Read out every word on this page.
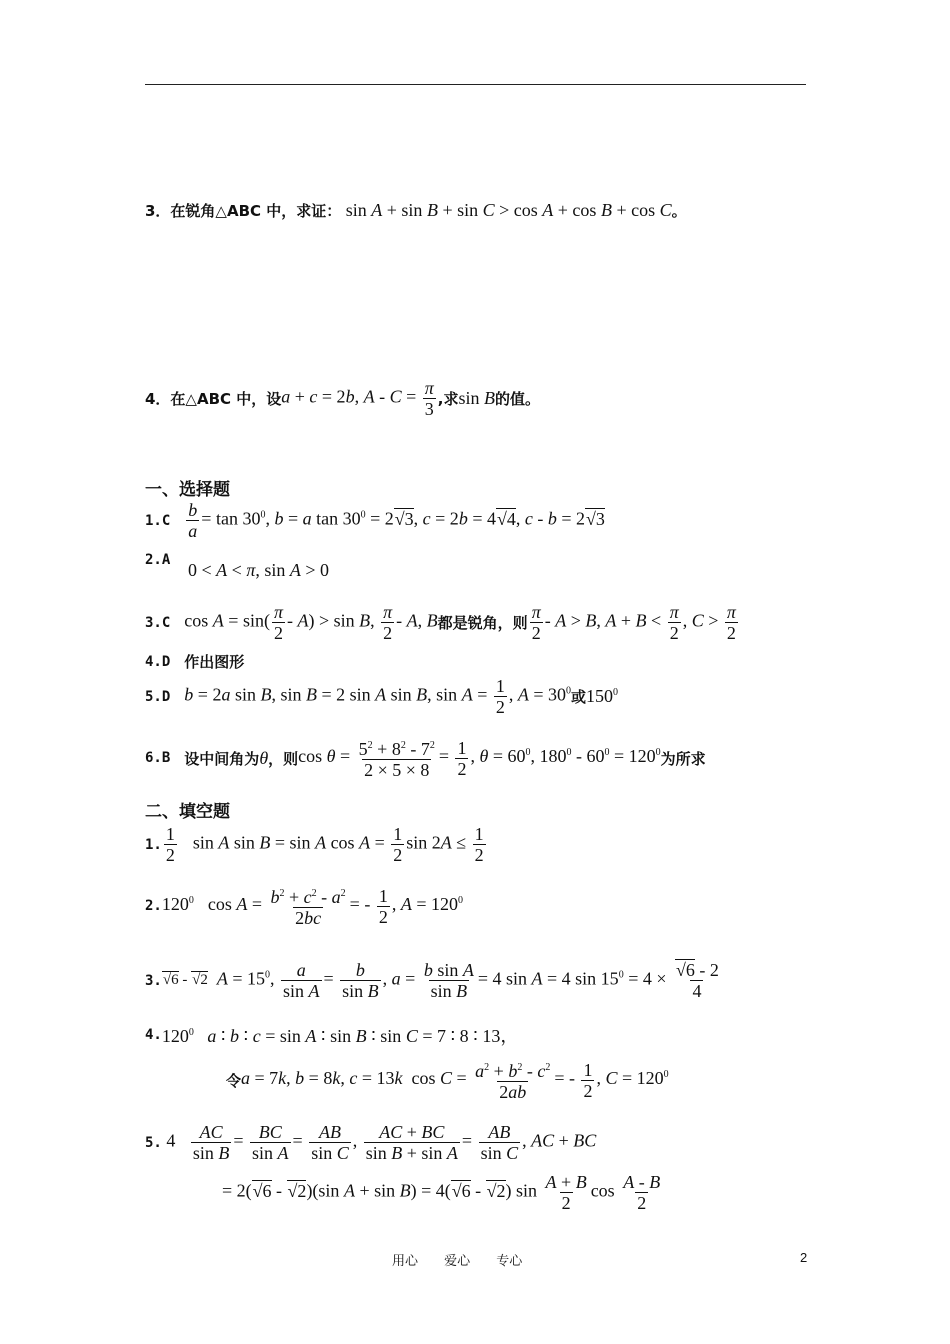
3．在锐角△ABC 中，求证： sin A + sin B + sin C > cos A + cos B + cos C 。
4．在△ABC 中，设 a + c = 2b, $A - C = \frac{\pi}{3}$ ,求 sin B 的值。
一、选择题
$1.C \frac{b}{a} = \tan 30^0$, b = a $\tan 30^0 = 2√3$, c = 2b = 4√4, c - b = 2√3
2.A 0 < A < π, sin A > 0
3.C $\cos A = \sin( \frac{\pi}{2} - A) > \sin B$, $\frac{\pi}{2}$ - A, B 都是锐角，则 $\frac{\pi}{2} - A > B$, $A + B < \frac{\pi}{2}$ , $C > \frac{\pi}{2}$
4.D 作出图形
5.D b = 2a sin B, sin B = 2 sin A sin B, $\sin A = \frac{1}{2}$ , $A = 30^0$ 或 $150^0$
6.B 设中间角为 θ ，则 $\cos \theta = \frac{5^2 + 8^2 - 7^2}{2 \times 5 \times 8} = \frac{1}{2}$ , $\theta = 60^0$, $180^0 - 60^0 = 120^0$ 为所求
二、填空题
1. $\frac{1}{2}$ sin A sin B = sin A $\cos A = \frac{1}{2}$ $\sin 2A \le \frac{1}{2}$
2. $120^0$ $\cos A = \frac{b^2 + c^2 - a^2}{2bc}$ = - $\frac{1}{2}$ , $A = 120^0$
3. √6 - √2 $A = 15^0$, $\frac{a}{\text{sin A}} = \frac{b}{\text{sin B}}$ , $a = \frac{\text{b sin A}}{\text{sin B}} = 4$ sin A = 4 $\sin 15^0 = 4 \times \frac{√6 - 2}{4}$
4. $120^0$ a ∶ b ∶ c = sin A ∶ sin B ∶ sin C = 7 ∶ 8 ∶ 13，
令 a = 7k, b = 8k, c = 13k  $\cos C = \frac{a^2 + b^2 - c^2}{2ab}$ = - $\frac{1}{2}$ , $C = 120^0$
5. $4 \frac{AC}{\text{sin B}} = \frac{BC}{\text{sin A}} = \frac{AB}{\text{sin C}}$ , $\frac{AC + BC}{\text{sin B + sin A}} = \frac{AB}{\text{sin C}}$ , AC + BC
= 2(√6 - √2)(sin A + sin B) = 4(√6 - √2) $\sin \frac{A + B}{2}$ $\cos \frac{A - B}{2}$
用心 爱心 专心	2
